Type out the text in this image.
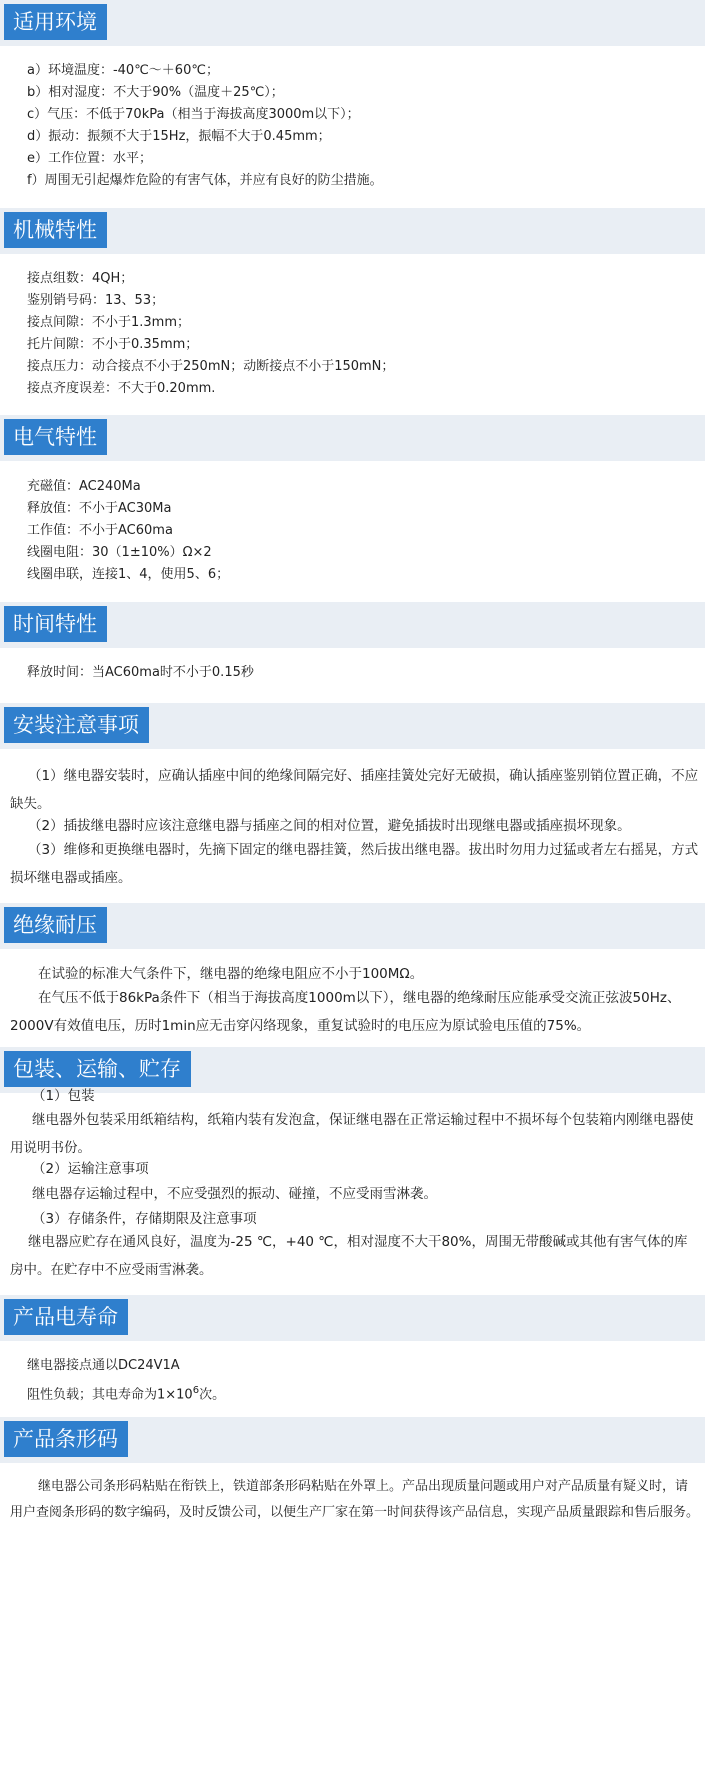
适用环境
a）环境温度：-40℃～＋60℃；
b）相对湿度：不大于90%（温度＋25℃）；
c）气压：不低于70kPa（相当于海拔高度3000m以下）；
d）振动：振频不大于15Hz，振幅不大于0.45mm；
e）工作位置：水平；
f）周围无引起爆炸危险的有害气体，并应有良好的防尘措施。
机械特性
接点组数：4QH；
鉴别销号码：13、53；
接点间隙：不小于1.3mm；
托片间隙：不小于0.35mm；
接点压力：动合接点不小于250mN；动断接点不小于150mN；
接点齐度误差：不大于0.20mm.
电气特性
充磁值：AC240Ma
释放值：不小于AC30Ma
工作值：不小于AC60ma
线圈电阻：30（1±10%）Ω×2
线圈串联，连接1、4，使用5、6；
时间特性
释放时间：当AC60ma时不小于0.15秒
安装注意事项
（1）继电器安装时，应确认插座中间的绝缘间隔完好、插座挂簧处完好无破损，确认插座鉴别销位置正确，不应缺失。
（2）插拔继电器时应该注意继电器与插座之间的相对位置，避免插拔时出现继电器或插座损坏现象。
（3）维修和更换继电器时，先摘下固定的继电器挂簧，然后拔出继电器。拔出时勿用力过猛或者左右摇晃，方式损坏继电器或插座。
绝缘耐压
在试验的标准大气条件下，继电器的绝缘电阻应不小于100MΩ。
在气压不低于86kPa条件下（相当于海拔高度1000m以下），继电器的绝缘耐压应能承受交流正弦波50Hz、2000V有效值电压，历时1min应无击穿闪络现象，重复试验时的电压应为原试验电压值的75%。
包装、运输、贮存
（1）包装
继电器外包装采用纸箱结构，纸箱内装有发泡盒，保证继电器在正常运输过程中不损坏每个包装箱内刚继电器使用说明书份。
（2）运输注意事项
继电器存运输过程中，不应受强烈的振动、碰撞，不应受雨雪淋袭。
（3）存储条件，存储期限及注意事项
继电器应贮存在通风良好，温度为-25 ℃，+40 ℃，相对湿度不大干80%，周围无带酸碱或其他有害气体的库房中。在贮存中不应受雨雪淋袭。
产品电寿命
继电器接点通以DC24V1A
阻性负载；其电寿命为$1\times 10^6$次。
产品条形码
继电器公司条形码粘贴在衔铁上，铁道部条形码粘贴在外罩上。产品出现质量问题或用户对产品质量有疑义时，请用户查阅条形码的数字编码，及时反馈公司，以便生产厂家在第一时间获得该产品信息，实现产品质量跟踪和售后服务。
